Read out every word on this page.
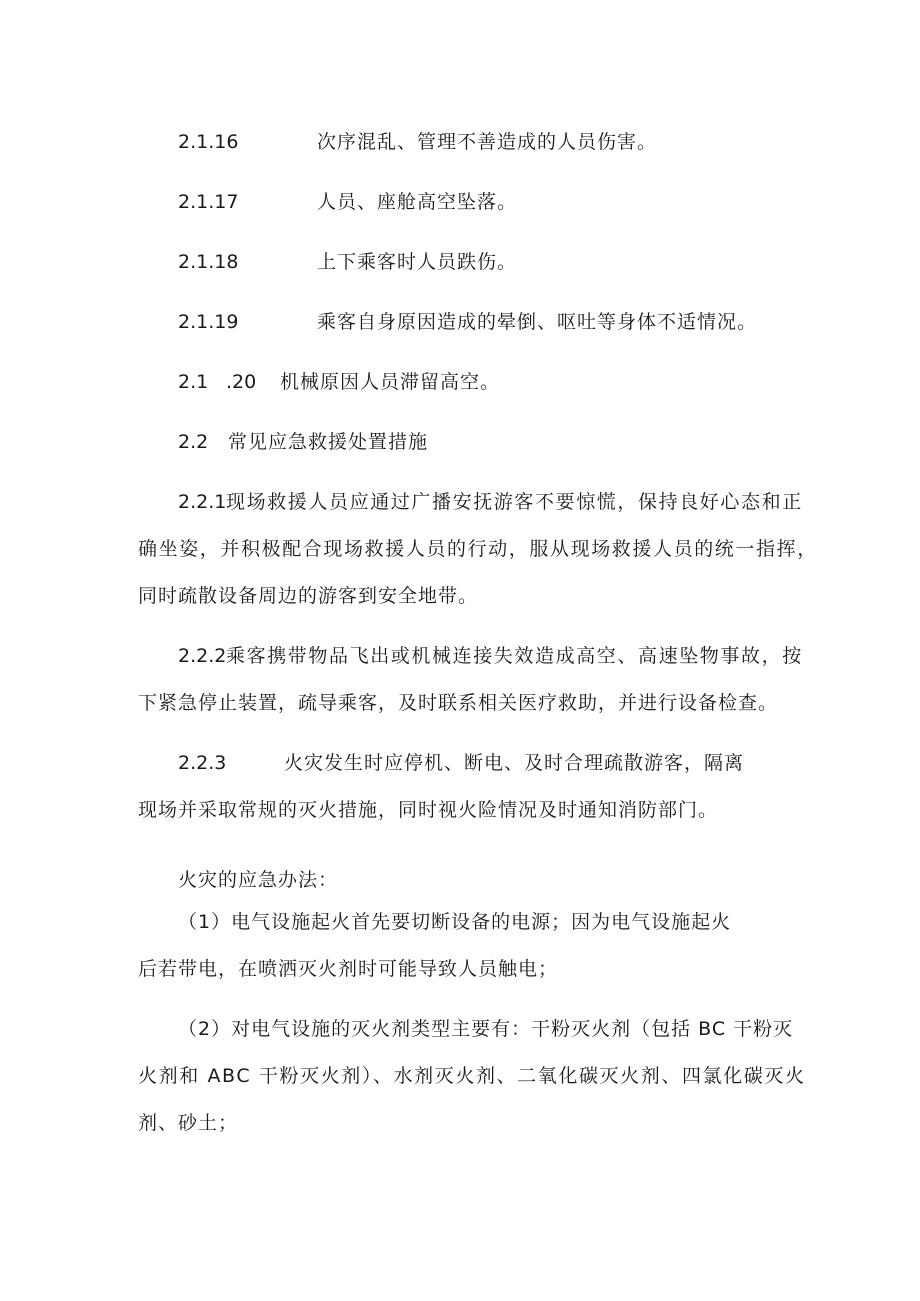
2.1.16	次序混乱、管理不善造成的人员伤害。
2.1.17	人员、座舱高空坠落。
2.1.18	上下乘客时人员跌伤。
2.1.19	乘客自身原因造成的晕倒、呕吐等身体不适情况。
2.1 .20 机械原因人员滞留高空。
2.2 常见应急救援处置措施
2.2.1 现场救援人员应通过广播安抚游客不要惊慌，保持良好心态和正
确坐姿，并积极配合现场救援人员的行动，服从现场救援人员的统一指挥，
同时疏散设备周边的游客到安全地带。
2.2.2 乘客携带物品飞出或机械连接失效造成高空、高速坠物事故，按
下紧急停止装置，疏导乘客，及时联系相关医疗救助，并进行设备检查。
2.2.3	火灾发生时应停机、断电、及时合理疏散游客，隔离
现场并采取常规的灭火措施，同时视火险情况及时通知消防部门。
火灾的应急办法：
（1）电气设施起火首先要切断设备的电源；因为电气设施起火
后若带电，在喷洒灭火剂时可能导致人员触电；
（2）对电气设施的灭火剂类型主要有：干粉灭火剂（包括 BC 干粉灭
火剂和 ABC 干粉灭火剂）、水剂灭火剂、二氧化碳灭火剂、四氯化碳灭火
剂、砂土；
